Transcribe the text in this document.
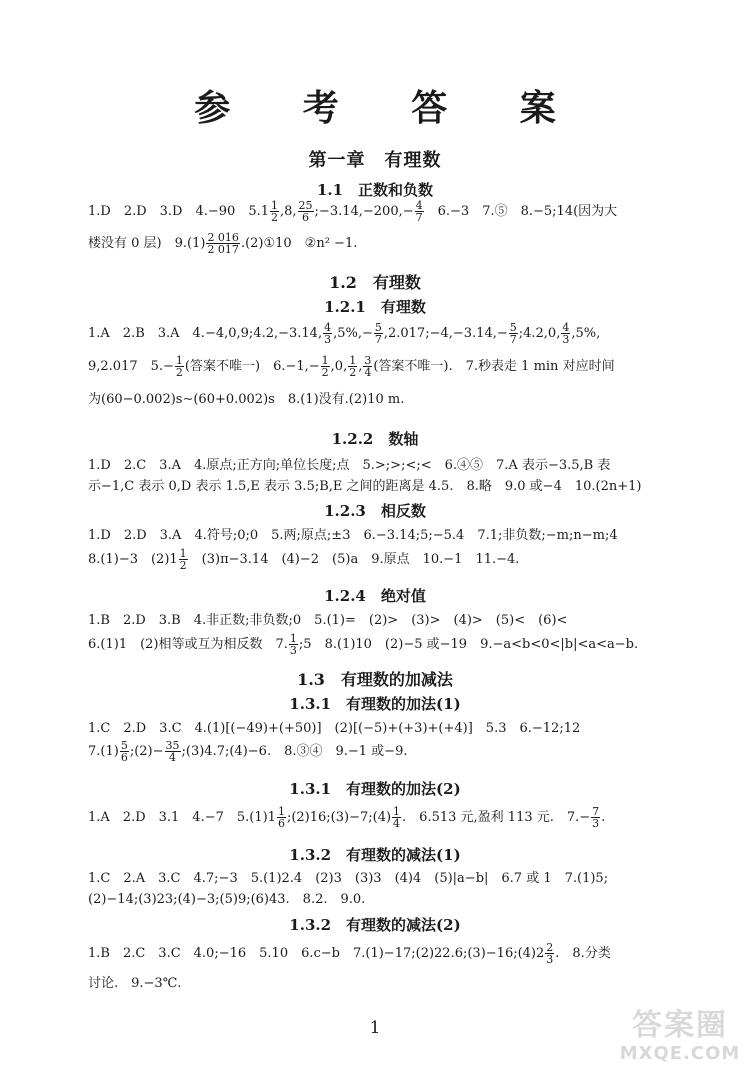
参 考 答 案
第一章　有理数
1.1　正数和负数
1.D　2.D　3.D　4.−90　$5.1 \frac{1}{2} ,8$, $\frac{25}{6}$ ;−3.14,−200,− $\frac{4}{7}$ 　6.−3　7.⑤　8.−5;14(因为大
楼没有 0 层)　$9.(1) \frac{2 016}{2 017}$ .(2)①10　②n² −1.
1.2　有理数
1.2.1　有理数
1.A　2.B　3.A　4.−4,0,9;4.2,−3.14, $\frac{4}{3} ,5\%,- \frac{5}{7}$ ,2.017;−4,−3.14,− $\frac{5}{7}$ ;4.2,0, $\frac{4}{3} ,5\%$,
9,2.017　$5.- \frac{1}{2}$ (答案不唯一)　$6.-1,- \frac{1}{2} ,0$, $\frac{1}{2}$ , $\frac{3}{4}$ (答案不唯一).　7.秒表走 1 min 对应时间
为(60−0.002)s∼(60+0.002)s　8.(1)没有.(2)10 m.
1.2.2　数轴
1.D　2.C　3.A　4.原点;正方向;单位长度;点　5.>;>;<;<　6.④⑤　7.A 表示−3.5,B 表
示−1,C 表示 0,D 表示 1.5,E 表示 3.5;B,E 之间的距离是 4.5.　8.略　9.0 或−4　10.(2n+1)
1.2.3　相反数
1.D　2.D　3.A　4.符号;0;0　5.两;原点;±3　6.−3.14;5;−5.4　7.1;非负数;−m;n−m;4
8.(1)−3　$(2)1 \frac{1}{2}$ 　(3)π−3.14　(4)−2　(5)a　9.原点　10.−1　11.−4.
1.2.4　绝对值
1.B　2.D　3.B　4.非正数;非负数;0　5.(1)=　(2)>　(3)>　(4)>　(5)<　(6)<
6.(1)1　(2)相等或互为相反数　7. $\frac{1}{3}$ ;5　8.(1)10　(2)−5 或−19　9.−a<b<0<|b|<a<a−b.
1.3　有理数的加减法
1.3.1　有理数的加法(1)
1.C　2.D　3.C　4.(1)[(−49)+(+50)]　(2)[(−5)+(+3)+(+4)]　5.3　6.−12;12
$7.(1) \frac{5}{6}$ ;(2)− $\frac{35}{4}$ ;(3)4.7;(4)−6.　8.③④　9.−1 或−9.
1.3.1　有理数的加法(2)
1.A　2.D　3.1　4.−7　$5.(1)1 \frac{1}{6}$ ;(2)16;(3)−7;(4) $\frac{1}{4}$ .　6.513 元,盈利 113 元.　$7.- \frac{7}{3}$ .
1.3.2　有理数的减法(1)
1.C　2.A　3.C　4.7;−3　5.(1)2.4　(2)3　(3)3　(4)4　(5)|a−b|　6.7 或 1　7.(1)5;
(2)−14;(3)23;(4)−3;(5)9;(6)43.　8.2.　9.0.
1.3.2　有理数的减法(2)
1.B　2.C　3.C　4.0;−16　5.10　6.c−b　7.(1)−17;(2)22.6;(3)−16;(4)2 $\frac{2}{3}$ .　8.分类
讨论.　9.−3℃.
1	答案圈
MXQE.COM
